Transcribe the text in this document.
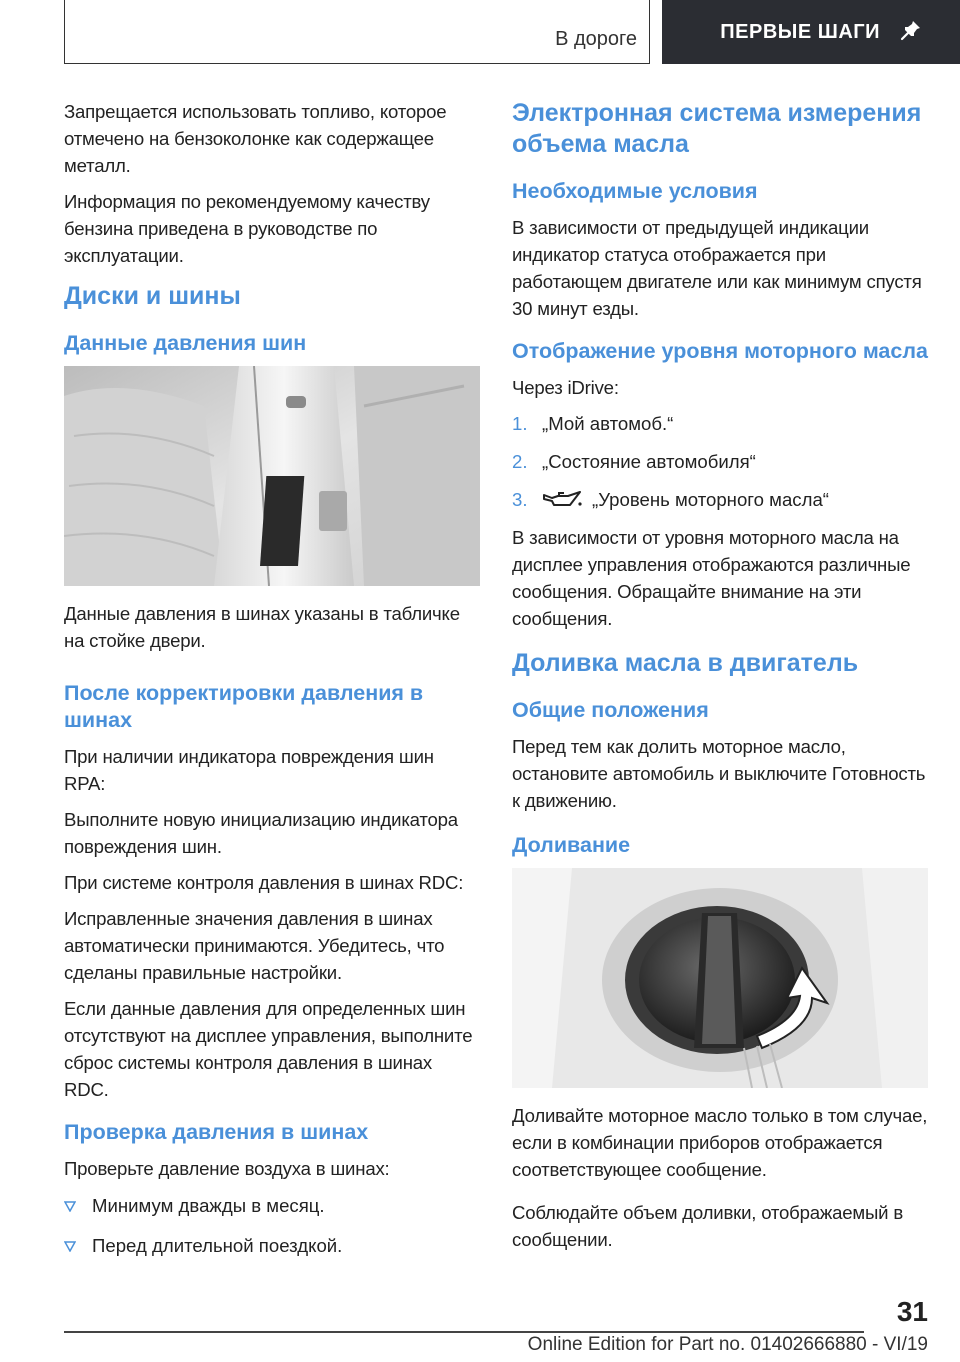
В дороге	ПЕРВЫЕ ШАГИ

Запрещается использовать топливо, которое отмечено на бензоколонке как содержащее металл.

Информация по рекомендуемому качеству бензина приведена в руководстве по эксплуатации.

Диски и шины
Данные давления шин

Данные давления в шинах указаны в табличке на стойке двери.

После корректировки давления в шинах

При наличии индикатора повреждения шин RPA:

Выполните новую инициализацию индикатора повреждения шин.

При системе контроля давления в шинах RDC:

Исправленные значения давления в шинах автоматически принимаются. Убедитесь, что сделаны правильные настройки.

Если данные давления для определенных шин отсутствуют на дисплее управления, выполните сброс системы контроля давления в шинах RDC.

Проверка давления в шинах

Проверьте давление воздуха в шинах:

Минимум дважды в месяц.
Перед длительной поездкой.
Электронная система измерения объема масла
Необходимые условия

В зависимости от предыдущей индикации индикатор статуса отображается при работающем двигателе или как минимум спустя 30 минут езды.

Отображение уровня моторного масла

Через iDrive:

1. „Мой автомоб.“
2. „Состояние автомобиля“
3.	„Уровень моторного масла“

В зависимости от уровня моторного масла на дисплее управления отображаются различные сообщения. Обращайте внимание на эти сообщения.

Доливка масла в двигатель
Общие положения

Перед тем как долить моторное масло, остановите автомобиль и выключите Готовность к движению.

Доливание

Доливайте моторное масло только в том случае, если в комбинации приборов отображается соответствующее сообщение.

Соблюдайте объем доливки, отображаемый в сообщении.

31
Online Edition for Part no. 01402666880 - VI/19
